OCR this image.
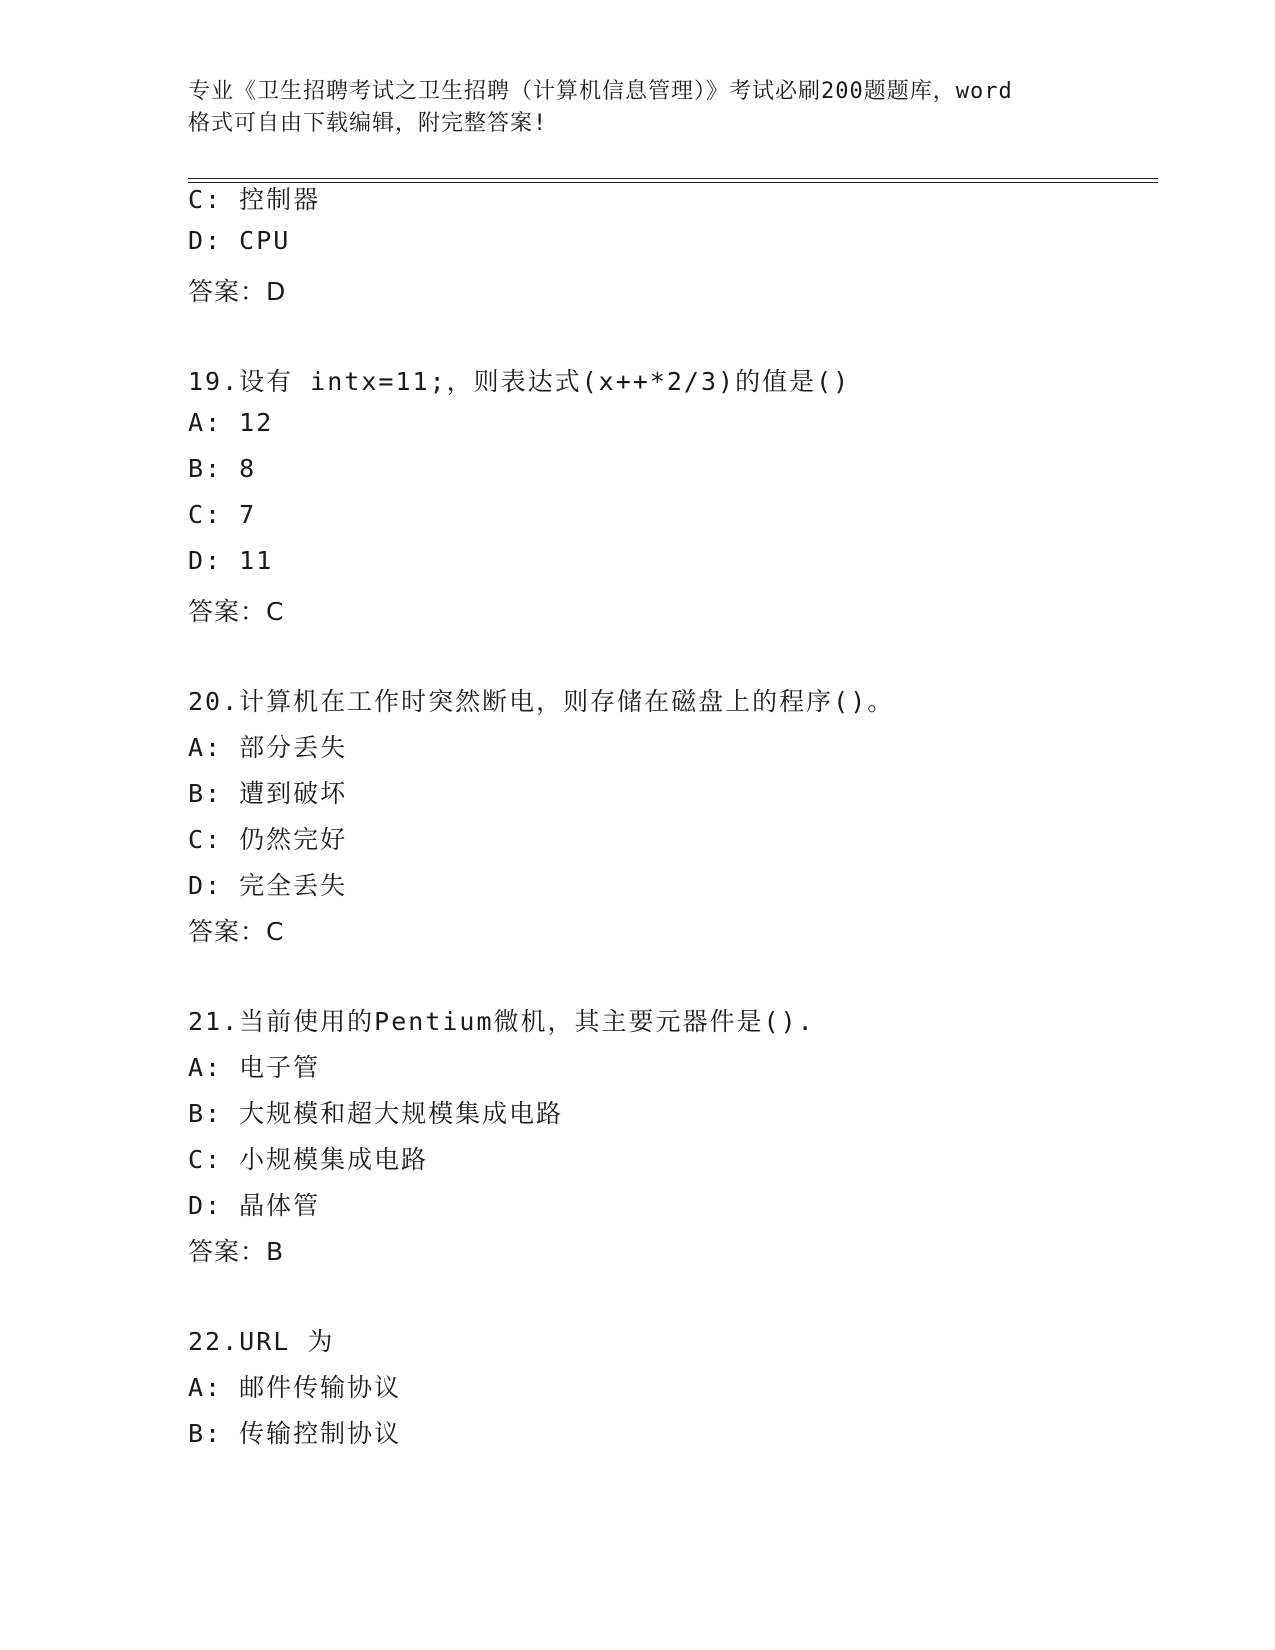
专业《卫生招聘考试之卫生招聘（计算机信息管理）》考试必刷200题题库，word
格式可自由下载编辑，附完整答案!
C: 控制器
D: CPU
答案：D
19.设有 intx=11;，则表达式(x++*2/3)的值是()
A: 12
B: 8
C: 7
D: 11
答案：C
20.计算机在工作时突然断电，则存储在磁盘上的程序()。
A: 部分丢失
B: 遭到破坏
C: 仍然完好
D: 完全丢失
答案：C
21.当前使用的Pentium微机，其主要元器件是().
A: 电子管
B: 大规模和超大规模集成电路
C: 小规模集成电路
D: 晶体管
答案：B
22.URL 为
A: 邮件传输协议
B: 传输控制协议
